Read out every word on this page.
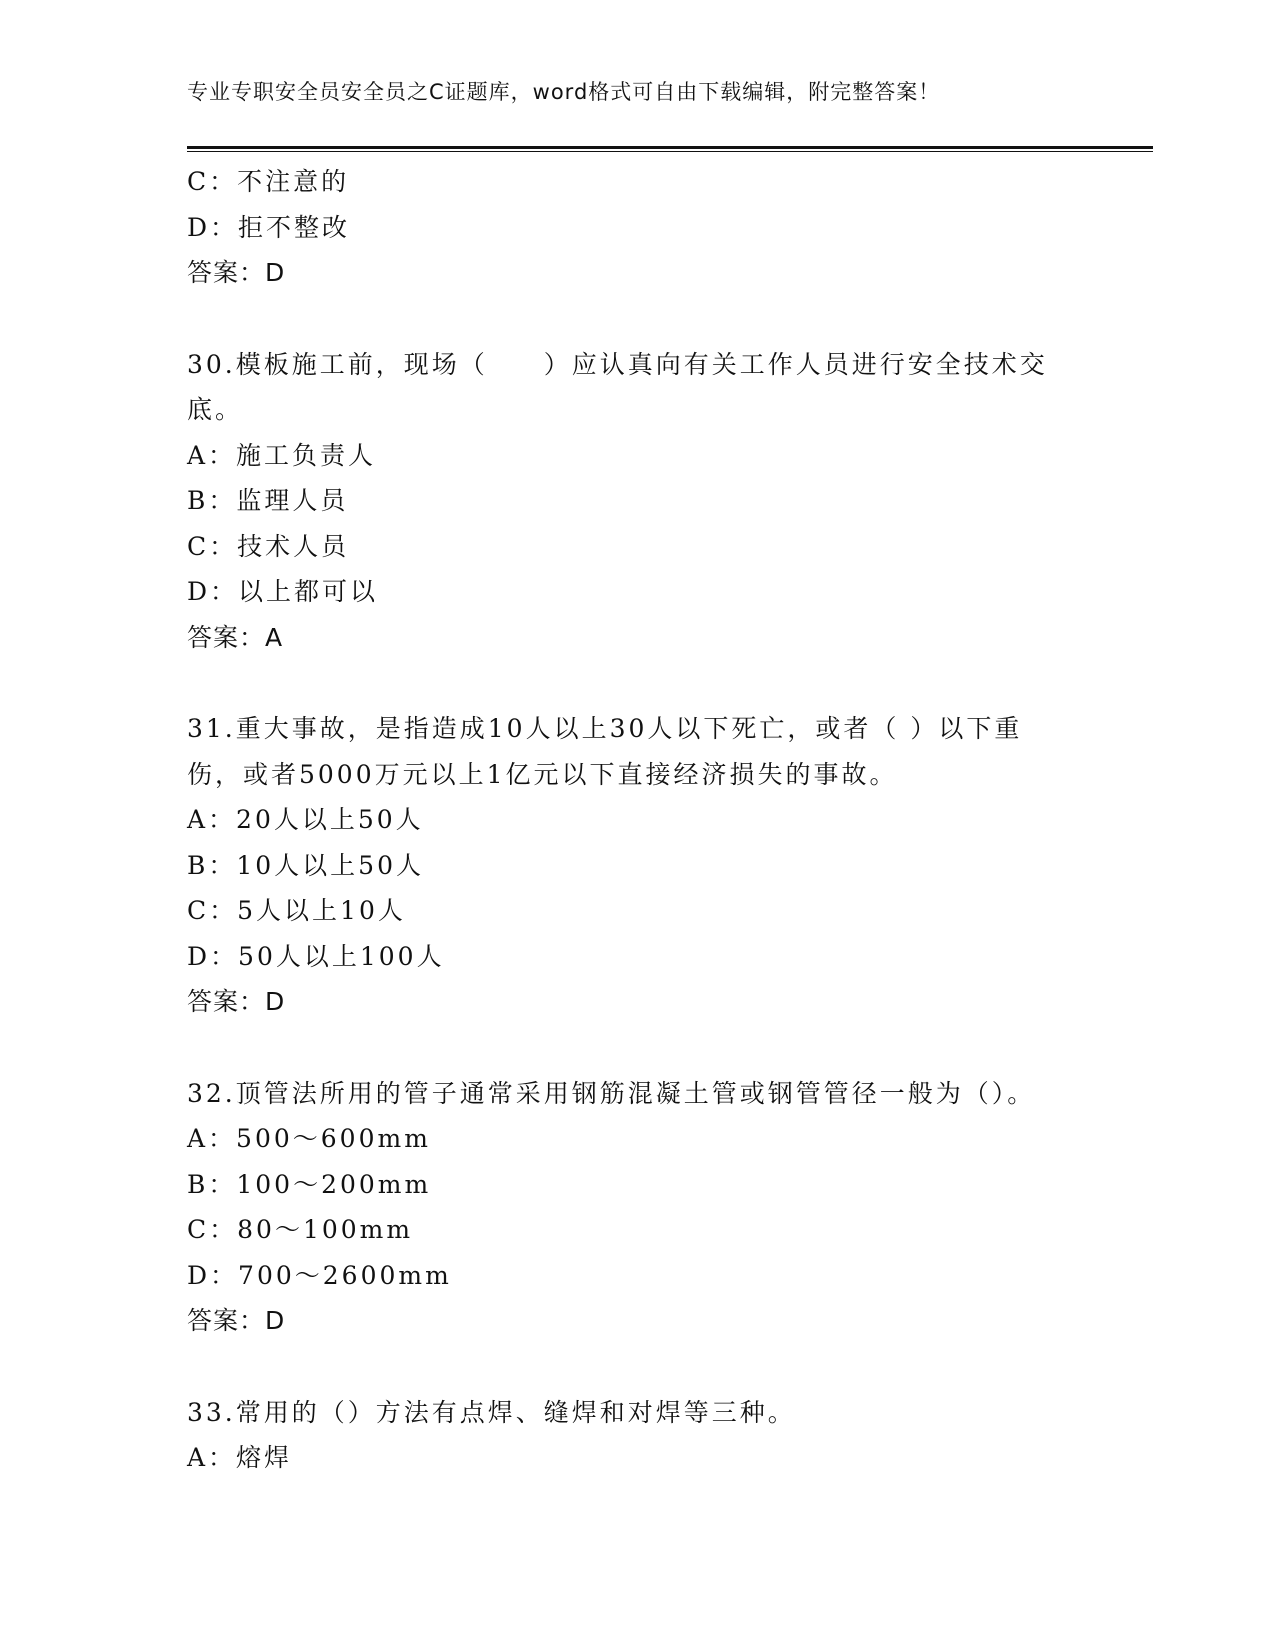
专业专职安全员安全员之C证题库，word格式可自由下载编辑，附完整答案！
C：不注意的
D：拒不整改
答案：D
30.模板施工前，现场（　　）应认真向有关工作人员进行安全技术交
底。
A：施工负责人
B：监理人员
C：技术人员
D：以上都可以
答案：A
31.重大事故，是指造成10人以上30人以下死亡，或者（ ）以下重
伤，或者5000万元以上1亿元以下直接经济损失的事故。
A：20人以上50人
B：10人以上50人
C：5人以上10人
D：50人以上100人
答案：D
32.顶管法所用的管子通常采用钢筋混凝土管或钢管管径一般为（）。
A：500～600mm
B：100～200mm
C：80～100mm
D：700～2600mm
答案：D
33.常用的（）方法有点焊、缝焊和对焊等三种。
A：熔焊
